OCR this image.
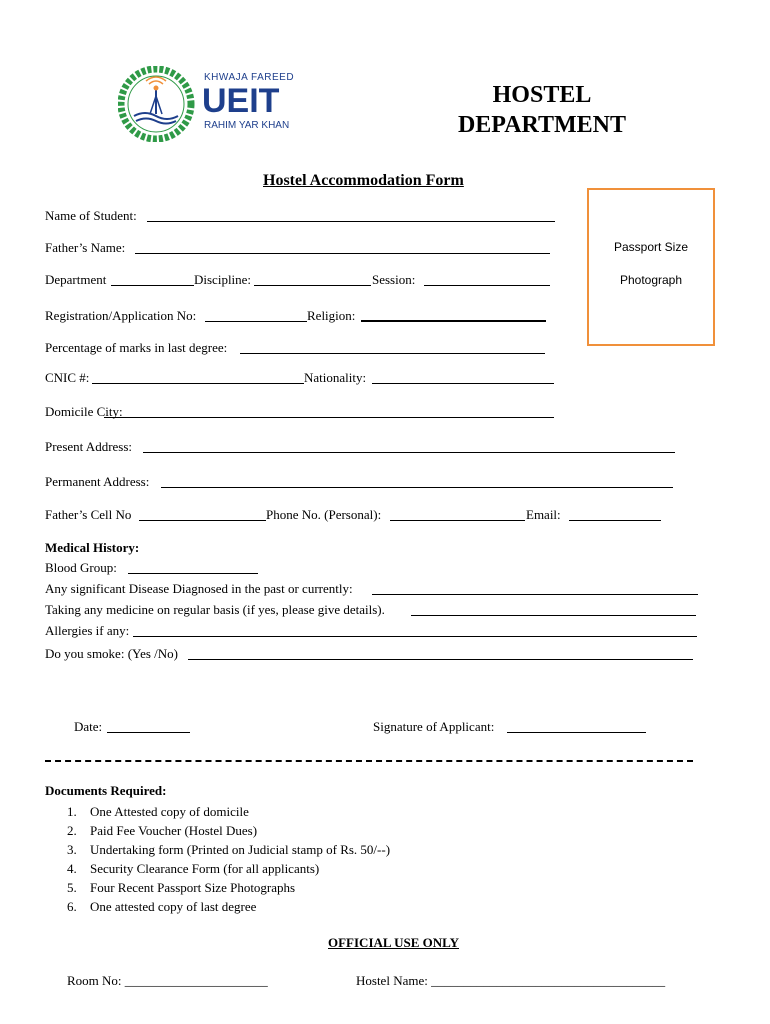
KHWAJA FAREED
UEIT
RAHIM YAR KHAN
HOSTEL
DEPARTMENT
Hostel Accommodation Form
Passport Size
Photograph
Name of Student:
Father’s Name:
Department	Discipline:	Session:
Registration/Application No:	Religion:
Percentage of marks in last degree:
CNIC #:	Nationality:
Domicile City:
Present Address:
Permanent Address:
Father’s Cell No	Phone No. (Personal):	Email:
Medical History:
Blood Group:
Any significant Disease Diagnosed in the past or currently:
Taking any medicine on regular basis (if yes, please give details).
Allergies if any:
Do you smoke: (Yes /No)
Date:	Signature of Applicant:
Documents Required:
1. One Attested copy of domicile
2. Paid Fee Voucher (Hostel Dues)
3. Undertaking form (Printed on Judicial stamp of Rs. 50/--)
4. Security Clearance Form (for all applicants)
5. Four Recent Passport Size Photographs
6. One attested copy of last degree
OFFICIAL USE ONLY
Room No: ______________________	Hostel Name: ____________________________________
